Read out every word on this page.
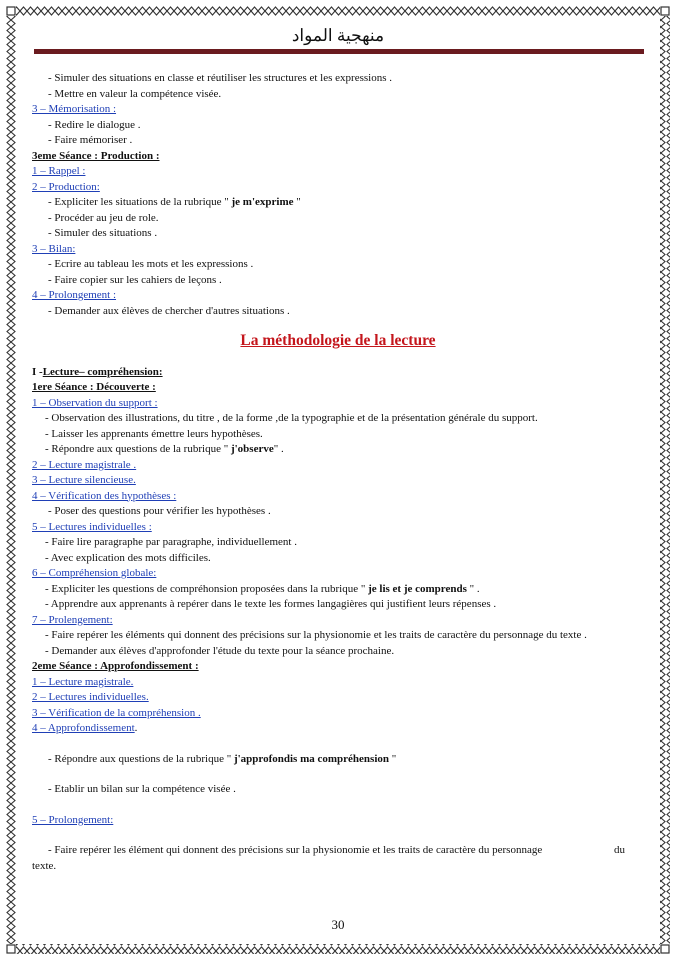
منهجية المواد
- Simuler des situations en classe et réutiliser les structures et les expressions .
- Mettre en valeur la compétence visée.
3 – Mémorisation :
- Redire le dialogue .
- Faire mémoriser .
3eme Séance : Production :
1 – Rappel :
2 – Production:
- Expliciter les situations de la rubrique " je m'exprime "
- Procéder au jeu de role.
- Simuler des situations .
3 – Bilan:
- Ecrire au tableau les mots et les expressions .
- Faire copier sur les cahiers de leçons .
4 – Prolongement :
- Demander aux élèves de chercher d'autres situations .
La méthodologie de la lecture
I -Lecture– compréhension:
1ere Séance : Découverte :
1 – Observation du support :
- Observation des illustrations, du titre , de la forme ,de la typographie et de la présentation générale du support.
- Laisser les apprenants émettre leurs hypothèses.
- Répondre aux questions de la rubrique " j'observe" .
2 – Lecture magistrale .
3 – Lecture silencieuse.
4 – Vérification des hypothèses :
- Poser des questions pour vérifier les hypothèses .
5 – Lectures individuelles :
- Faire lire paragraphe par paragraphe, individuellement .
- Avec explication des mots difficiles.
6 – Compréhension globale:
- Expliciter les questions de compréhonsion proposées dans la rubrique " je lis et je comprends " .
- Apprendre aux apprenants à repérer dans le texte les formes langagières qui justifient leurs répenses .
7 – Prolengement:
- Faire repérer les éléments qui donnent des précisions sur la physionomie et les traits de caractère du personnage du texte .
- Demander aux élèves d'approfonder l'étude du texte pour la séance prochaine.
2eme Séance : Approfondissement :
1 – Lecture magistrale.
2 – Lectures individuelles.
3 – Vérification de la compréhension .
4 – Approfondissement.
- Répondre aux questions de la rubrique " j'approfondis ma compréhension "
- Etablir un bilan sur la compétence visée .
5 – Prolongement:
- Faire repérer les élément qui donnent des précisions sur la physionomie et les traits de caractère du personnage	du
texte.
30
